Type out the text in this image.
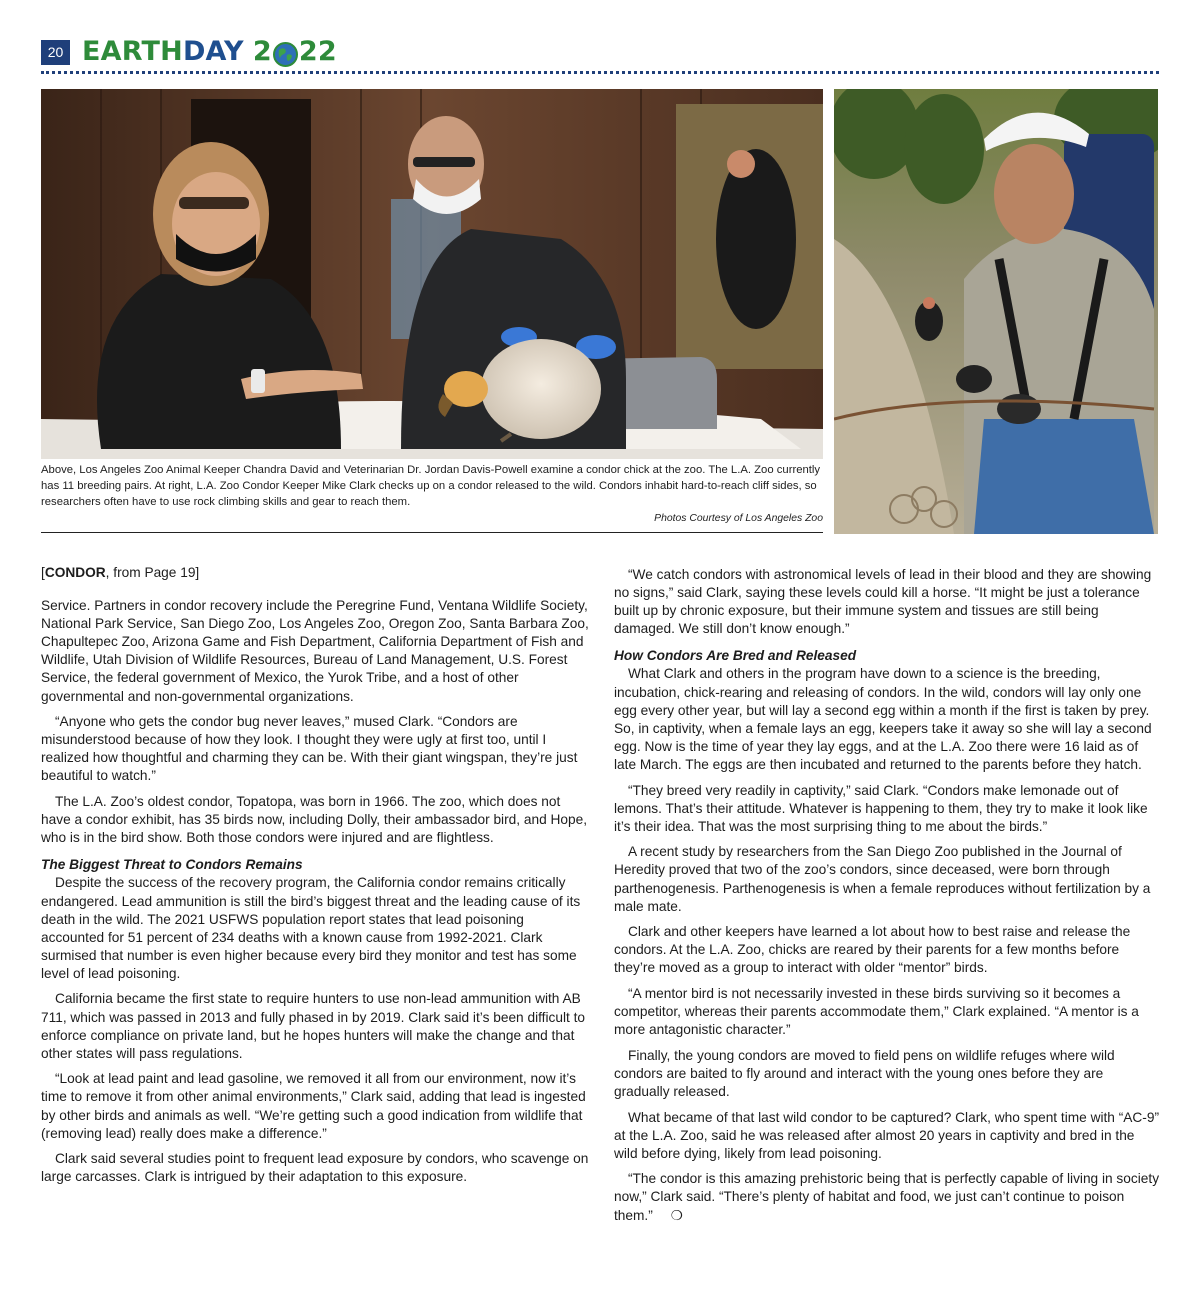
20 EARTH DAY 2 22
Above, Los Angeles Zoo Animal Keeper Chandra David and Veterinarian Dr. Jordan Davis-Powell examine a condor chick at the zoo. The L.A. Zoo currently has 11 breeding pairs. At right, L.A. Zoo Condor Keeper Mike Clark checks up on a condor released to the wild. Condors inhabit hard-to-reach cliff sides, so researchers often have to use rock climbing skills and gear to reach them.
Photos Courtesy of Los Angeles Zoo

[CONDOR, from Page 19]

Service. Partners in condor recovery include the Peregrine Fund, Ventana Wildlife Society, National Park Service, San Diego Zoo, Los Angeles Zoo, Oregon Zoo, Santa Barbara Zoo, Chapultepec Zoo, Arizona Game and Fish Department, California Department of Fish and Wildlife, Utah Division of Wildlife Resources, Bureau of Land Management, U.S. Forest Service, the federal government of Mexico, the Yurok Tribe, and a host of other governmental and non-governmental organizations.

“Anyone who gets the condor bug never leaves,” mused Clark. “Condors are misunderstood because of how they look. I thought they were ugly at first too, until I realized how thoughtful and charming they can be. With their giant wingspan, they’re just beautiful to watch.”

The L.A. Zoo’s oldest condor, Topatopa, was born in 1966. The zoo, which does not have a condor exhibit, has 35 birds now, including Dolly, their ambassador bird, and Hope, who is in the bird show. Both those condors were injured and are flightless.

The Biggest Threat to Condors Remains

Despite the success of the recovery program, the California condor remains critically endangered. Lead ammunition is still the bird’s biggest threat and the leading cause of its death in the wild. The 2021 USFWS population report states that lead poisoning accounted for 51 percent of 234 deaths with a known cause from 1992-2021. Clark surmised that number is even higher because every bird they monitor and test has some level of lead poisoning.

California became the first state to require hunters to use non-lead ammunition with AB 711, which was passed in 2013 and fully phased in by 2019. Clark said it’s been difficult to enforce compliance on private land, but he hopes hunters will make the change and that other states will pass regulations.

“Look at lead paint and lead gasoline, we removed it all from our environment, now it’s time to remove it from other animal environments,” Clark said, adding that lead is ingested by other birds and animals as well. “We’re getting such a good indication from wildlife that (removing lead) really does make a difference.”

Clark said several studies point to frequent lead exposure by condors, who scavenge on large carcasses. Clark is intrigued by their adaptation to this exposure.

“We catch condors with astronomical levels of lead in their blood and they are showing no signs,” said Clark, saying these levels could kill a horse. “It might be just a tolerance built up by chronic exposure, but their immune system and tissues are still being damaged. We still don’t know enough.”

How Condors Are Bred and Released

What Clark and others in the program have down to a science is the breeding, incubation, chick-rearing and releasing of condors. In the wild, condors will lay only one egg every other year, but will lay a second egg within a month if the first is taken by prey. So, in captivity, when a female lays an egg, keepers take it away so she will lay a second egg. Now is the time of year they lay eggs, and at the L.A. Zoo there were 16 laid as of late March. The eggs are then incubated and returned to the parents before they hatch.

“They breed very readily in captivity,” said Clark. “Condors make lemonade out of lemons. That’s their attitude. Whatever is happening to them, they try to make it look like it’s their idea. That was the most surprising thing to me about the birds.”

A recent study by researchers from the San Diego Zoo published in the Journal of Heredity proved that two of the zoo’s condors, since deceased, were born through parthenogenesis. Parthenogenesis is when a female reproduces without fertilization by a male mate.

Clark and other keepers have learned a lot about how to best raise and release the condors. At the L.A. Zoo, chicks are reared by their parents for a few months before they’re moved as a group to interact with older “mentor” birds.

“A mentor bird is not necessarily invested in these birds surviving so it becomes a competitor, whereas their parents accommodate them,” Clark explained. “A mentor is a more antagonistic character.”

Finally, the young condors are moved to field pens on wildlife refuges where wild condors are baited to fly around and interact with the young ones before they are gradually released.

What became of that last wild condor to be captured? Clark, who spent time with “AC-9” at the L.A. Zoo, said he was released after almost 20 years in captivity and bred in the wild before dying, likely from lead poisoning.

“The condor is this amazing prehistoric being that is perfectly capable of living in society now,” Clark said. “There’s plenty of habitat and food, we just can’t continue to poison them.” ❍
